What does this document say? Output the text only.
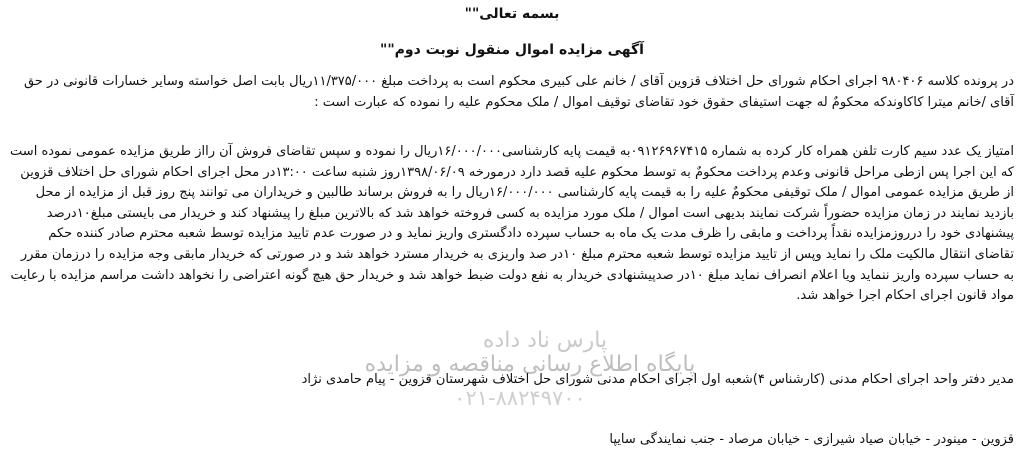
پارس ناد داده
پایگاه اطلاع رسانی مناقصه و مزایده
۰۲۱-۸۸۲۴۹۷۰۰
بسمه تعالی""
آگهی مزایده اموال منقول نوبت دوم""

در پرونده کلاسه ۹۸۰۴۰۶ اجرای احکام شورای حل اختلاف قزوین آقای / خانم علی کبیری محکوم است به پرداخت مبلغ ۱۱/۳۷۵/۰۰۰ریال بابت اصل خواسته وسایر خسارات قانونی در حق آقای /خانم میترا کاکاوندکه محکومٌ له جهت استیفای حقوق خود تقاضای توقیف اموال / ملک محکوم علیه را نموده که عبارت است :

امتیاز یک عدد سیم کارت تلفن همراه کار کرده به شماره ۰۹۱۲۶۹۶۷۴۱۵به قیمت پایه کارشناسی۱۶/۰۰۰/۰۰۰ریال را نموده و سپس تقاضای فروش آن رااز طریق مزایده عمومی نموده است که این اجرا پس ازطی مراحل قانونی وعدم پرداخت محکومٌ به توسط محکوم علیه قصد دارد درمورخه ۱۳۹۸/۰۶/۰۹روز شنبه ساعت ۱۳:۰۰در محل اجرای احکام شورای حل اختلاف قزوین از طریق مزایده عمومی اموال / ملک توقیفی محکومٌ علیه را به قیمت پایه کارشناسی ۱۶/۰۰۰/۰۰۰ریال را به فروش برساند طالبین و خریداران می توانند پنج روز قبل از مزایده از محل بازدید نمایند در زمان مزایده حضوراً شرکت نمایند بدیهی است اموال / ملک مورد مزایده به کسی فروخته خواهد شد که بالاترین مبلغ را پیشنهاد کند و خریدار می بایستی مبلغ۱۰درصد پیشنهادی خود را درروزمزایده نقداً پرداخت و مابقی را ظرف مدت یک ماه به حساب سپرده دادگستری واریز نماید و در صورت عدم تایید مزایده توسط شعبه محترم صادر کننده حکم تقاضای انتقال مالکیت ملک را نماید وپس از تایید مزایده توسط شعبه محترم مبلغ ۱۰در صد واریزی به خریدار مسترد خواهد شد و در صورتی که خریدار مابقی وجه مزایده را درزمان مقرر به حساب سپرده واریز ننماید ویا اعلام انصراف نماید مبلغ ۱۰در صدپیشنهادی خریدار به نفع دولت ضبط خواهد شد و خریدار حق هیچ گونه اعتراضی را نخواهد داشت مراسم مزایده با رعایت مواد قانون اجرای احکام اجرا خواهد شد.

مدیر دفتر واحد اجرای احکام مدنی (کارشناس ۴)شعبه اول اجرای احکام مدنی شورای حل اختلاف شهرستان قزوین - پیام حامدی نژاد
قزوین - مینودر - خیابان صیاد شیرازی - خیابان مرصاد - جنب نمایندگی سایپا
